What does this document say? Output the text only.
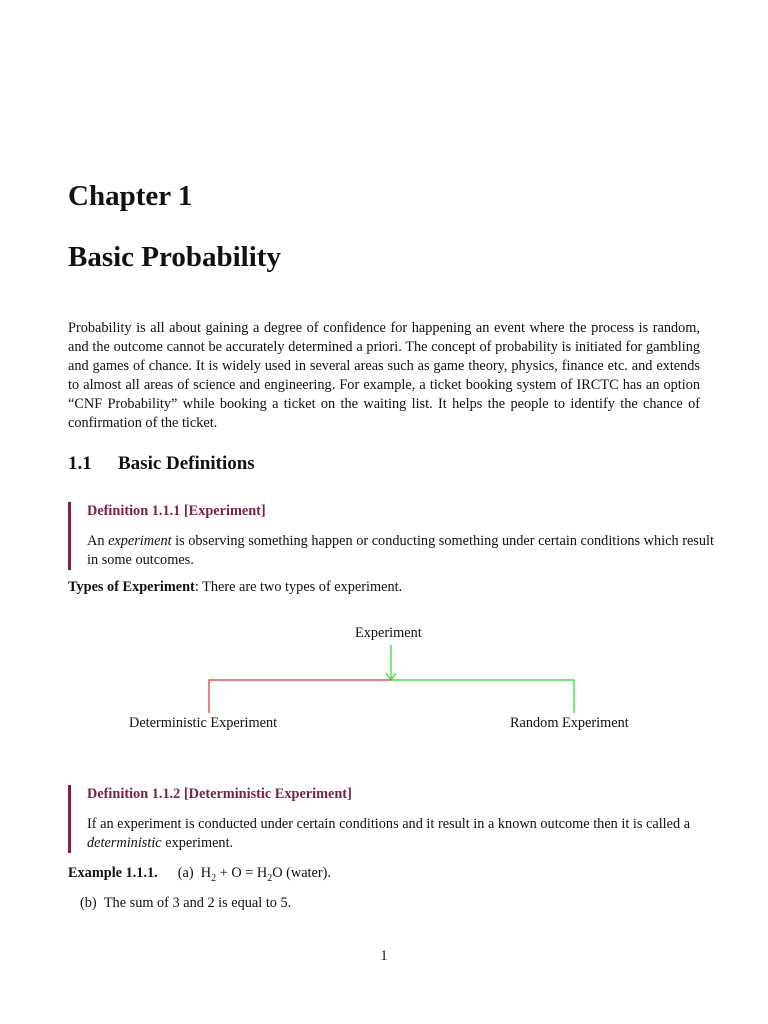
Chapter 1
Basic Probability

Probability is all about gaining a degree of confidence for happening an event where the process is random, and the outcome cannot be accurately determined a priori. The concept of probability is initiated for gambling and games of chance. It is widely used in several areas such as game theory, physics, finance etc. and extends to almost all areas of science and engineering. For example, a ticket booking system of IRCTC has an option “CNF Probability” while booking a ticket on the waiting list. It helps the people to identify the chance of confirmation of the ticket.

1.1 Basic Definitions

Definition 1.1.1 [Experiment]

An experiment is observing something happen or conducting something under certain conditions which result in some outcomes.

Types of Experiment: There are two types of experiment.

Experiment
Deterministic Experiment	Random Experiment

Definition 1.1.2 [Deterministic Experiment]

If an experiment is conducted under certain conditions and it result in a known outcome then it is called a deterministic experiment.

Example 1.1.1. (a) $H_2 + O = H_2O$ (water).

(b) The sum of 3 and 2 is equal to 5.

1
